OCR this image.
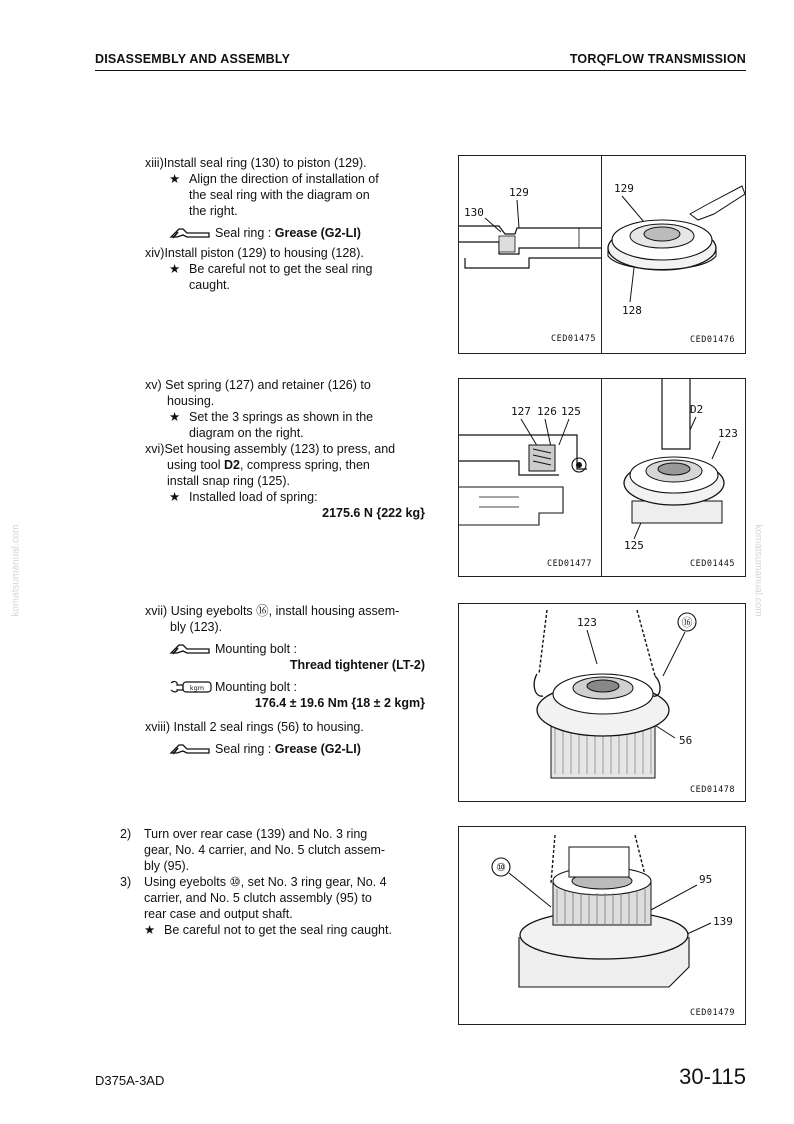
DISASSEMBLY AND ASSEMBLY	TORQFLOW TRANSMISSION
komatsumanual.com	komatsumanual.com
xiii)Install seal ring (130) to piston (129).
★ Align the direction of installation of
the seal ring with the diagram on
the right.
Seal ring : Grease (G2-LI)
xiv)Install piston (129) to housing (128).
★ Be careful not to get the seal ring
caught.
xv) Set spring (127) and retainer (126) to
housing.
★ Set the 3 springs as shown in the
diagram on the right.
xvi)Set housing assembly (123) to press, and
using tool D2, compress spring, then
install snap ring (125).
★ Installed load of spring:
2175.6 N {222 kg}
xvii) Using eyebolts ⑯, install housing assem-
bly (123).
Mounting bolt :
Thread tightener (LT-2)
kgm Mounting bolt :
176.4 ± 19.6 Nm {18 ± 2 kgm}
xviii) Install 2 seal rings (56) to housing.
Seal ring : Grease (G2-LI)
2) Turn over rear case (139) and No. 3 ring
gear, No. 4 carrier, and No. 5 clutch assem-
bly (95).
3) Using eyebolts ⑩, set No. 3 ring gear, No. 4
carrier, and No. 5 clutch assembly (95) to
rear case and output shaft.
★ Be careful not to get the seal ring caught.
129
130
CED01475
129
128
CED01476
127 126 125
CED01477
D2
123
125
CED01445
123	⑯
56
CED01478
⑩
95
139
CED01479
D375A-3AD	30-115
